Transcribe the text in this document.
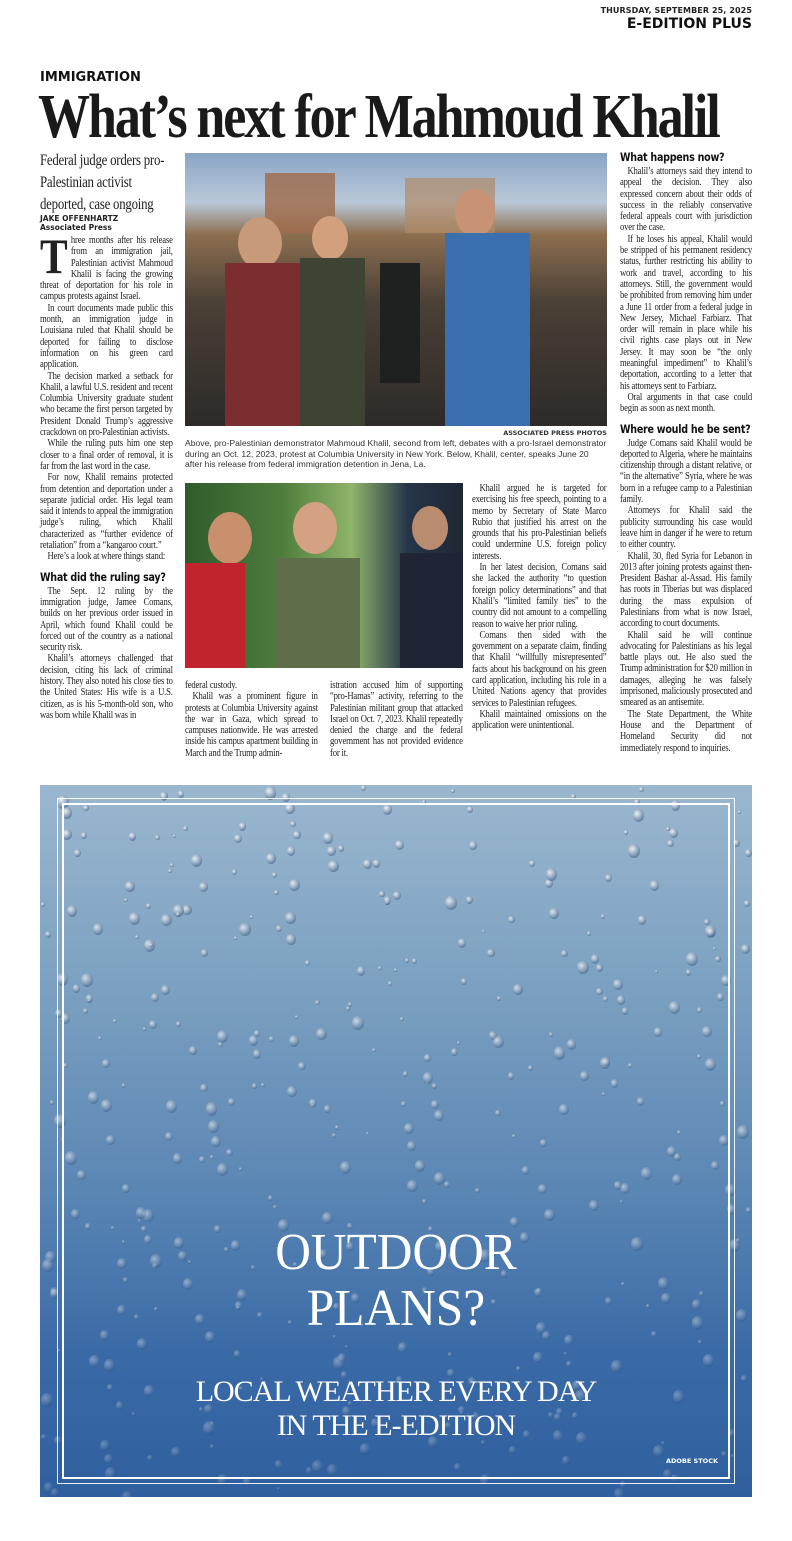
THURSDAY, SEPTEMBER 25, 2025
E-EDITION PLUS
IMMIGRATION
What’s next for Mahmoud Khalil
Federal judge orders pro-Palestinian activist deported, case ongoing
JAKE OFFENHARTZ
Associated Press
T hree months after his release from an immigration jail, Palestinian activist Mahmoud Khalil is facing the growing threat of deportation for his role in campus protests against Israel.

In court documents made public this month, an immigration judge in Louisiana ruled that Khalil should be deported for failing to disclose information on his green card application.

The decision marked a setback for Khalil, a lawful U.S. resident and recent Columbia University graduate student who became the first person targeted by President Donald Trump’s aggressive crackdown on pro-Palestinian activists.

While the ruling puts him one step closer to a final order of removal, it is far from the last word in the case.

For now, Khalil remains protected from detention and deportation under a separate judicial order. His legal team said it intends to appeal the immigration judge’s ruling, which Khalil characterized as “further evidence of retaliation” from a “kangaroo court.”

Here’s a look at where things stand:

What did the ruling say?

The Sept. 12 ruling by the immigration judge, Jamee Comans, builds on her previous order issued in April, which found Khalil could be forced out of the country as a national security risk.

Khalil’s attorneys challenged that decision, citing his lack of criminal history. They also noted his close ties to the United States: His wife is a U.S. citizen, as is his 5-month-old son, who was born while Khalil was in

ASSOCIATED PRESS PHOTOS
Above, pro-Palestinian demonstrator Mahmoud Khalil, second from left, debates with a pro-Israel demonstrator during an Oct. 12, 2023, protest at Columbia University in New York. Below, Khalil, center, speaks June 20 after his release from federal immigration detention in Jena, La.

federal custody.

Khalil was a prominent figure in protests at Columbia University against the war in Gaza, which spread to campuses nationwide. He was arrested inside his campus apartment building in March and the Trump admin-

istration accused him of supporting “pro-Hamas” activity, referring to the Palestinian militant group that attacked Israel on Oct. 7, 2023. Khalil repeatedly denied the charge and the federal government has not provided evidence for it.

Khalil argued he is targeted for exercising his free speech, pointing to a memo by Secretary of State Marco Rubio that justified his arrest on the grounds that his pro-Palestinian beliefs could undermine U.S. foreign policy interests.

In her latest decision, Comans said she lacked the authority “to question foreign policy determinations” and that Khalil’s “limited family ties” to the country did not amount to a compelling reason to waive her prior ruling.

Comans then sided with the government on a separate claim, finding that Khalil “willfully misrepresented” facts about his background on his green card application, including his role in a United Nations agency that provides services to Palestinian refugees.

Khalil maintained omissions on the application were unintentional.

What happens now?

Khalil’s attorneys said they intend to appeal the decision. They also expressed concern about their odds of success in the reliably conservative federal appeals court with jurisdiction over the case.

If he loses his appeal, Khalil would be stripped of his permanent residency status, further restricting his ability to work and travel, according to his attorneys. Still, the government would be prohibited from removing him under a June 11 order from a federal judge in New Jersey, Michael Farbiarz. That order will remain in place while his civil rights case plays out in New Jersey. It may soon be “the only meaningful impediment” to Khalil’s deportation, according to a letter that his attorneys sent to Farbiarz.

Oral arguments in that case could begin as soon as next month.

Where would he be sent?

Judge Comans said Khalil would be deported to Algeria, where he maintains citizenship through a distant relative, or “in the alternative” Syria, where he was born in a refugee camp to a Palestinian family.

Attorneys for Khalil said the publicity surrounding his case would leave him in danger if he were to return to either country.

Khalil, 30, fled Syria for Lebanon in 2013 after joining protests against then-President Bashar al-Assad. His family has roots in Tiberias but was displaced during the mass expulsion of Palestinians from what is now Israel, according to court documents.

Khalil said he will continue advocating for Palestinians as his legal battle plays out. He also sued the Trump administration for $20 million in damages, alleging he was falsely imprisoned, maliciously prosecuted and smeared as an antisemite.

The State Department, the White House and the Department of Homeland Security did not immediately respond to inquiries.

OUTDOOR
PLANS?
LOCAL WEATHER EVERY DAY
IN THE E-EDITION
ADOBE STOCK
